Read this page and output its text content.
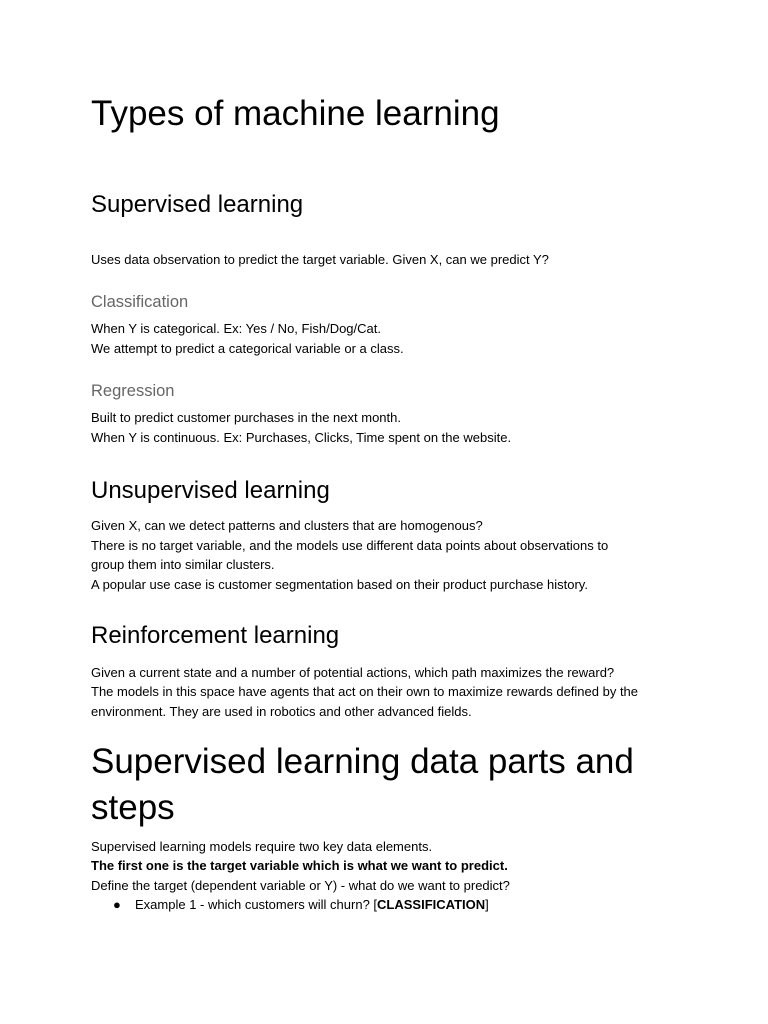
Types of machine learning
Supervised learning

Uses data observation to predict the target variable. Given X, can we predict Y?

Classification

When Y is categorical. Ex: Yes / No, Fish/Dog/Cat.

We attempt to predict a categorical variable or a class.

Regression

Built to predict customer purchases in the next month.

When Y is continuous. Ex: Purchases, Clicks, Time spent on the website.

Unsupervised learning

Given X, can we detect patterns and clusters that are homogenous?

There is no target variable, and the models use different data points about observations to

group them into similar clusters.

A popular use case is customer segmentation based on their product purchase history.

Reinforcement learning

Given a current state and a number of potential actions, which path maximizes the reward?

The models in this space have agents that act on their own to maximize rewards defined by the

environment. They are used in robotics and other advanced fields.

Supervised learning data parts and
steps

Supervised learning models require two key data elements.

The first one is the target variable which is what we want to predict.

Define the target (dependent variable or Y) - what do we want to predict?

● Example 1 - which customers will churn? [CLASSIFICATION]
